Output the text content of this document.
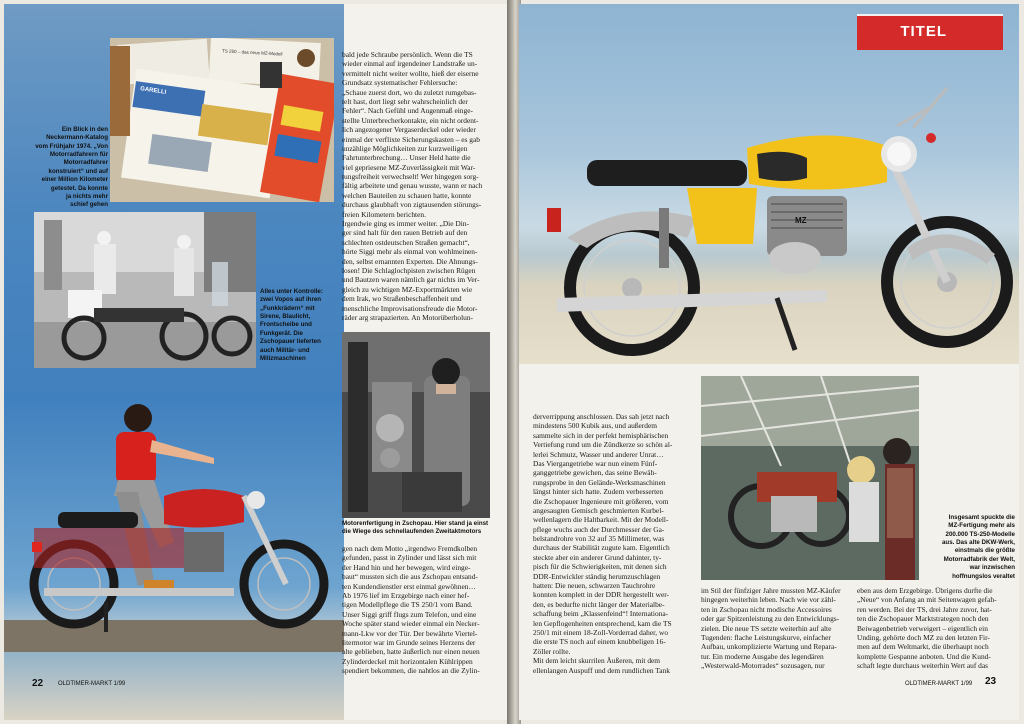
GARELLI
TS 250 – das neue MZ-Modell
Ein Blick in den
Neckermann-Katalog
vom Frühjahr 1974. „Von
Motorradfahrern für
Motorradfahrer
konstruiert“ und auf
einer Million Kilometer
getestet. Da konnte
ja nichts mehr
schief gehen
Alles unter Kontrolle:
zwei Vopos auf ihren
„Funkkrädern“ mit
Sirene, Blaulicht,
Frontscheibe und
Funkgerät. Die
Zschopauer lieferten
auch Militär- und
Milizmaschinen
bald jede Schraube persönlich. Wenn die TS
wieder einmal auf irgendeiner Landstraße un-
vermittelt nicht weiter wollte, hieß der eiserne
Grundsatz systematischer Fehlersuche:
„Schaue zuerst dort, wo du zuletzt rumgebas-
telt hast, dort liegt sehr wahrscheinlich der
Fehler“. Nach Gefühl und Augenmaß einge-
stellte Unterbrecherkontakte, ein nicht ordent-
lich angezogener Vergaserdeckel oder wieder
einmal der verflixte Sicherungskasten – es gab
unzählige Möglichkeiten zur kurzweiligen
Fahrtunterbrechung… Unser Held hatte die
viel gepriesene MZ-Zuverlässigkeit mit War-
tungsfreiheit verwechselt! Wer hingegen sorg-
fältig arbeitete und genau wusste, wann er nach
welchen Bauteilen zu schauen hatte, konnte
durchaus glaubhaft von zigtausenden störungs-
freien Kilometern berichten.
Irgendwie ging es immer weiter. „Die Din-
ger sind halt für den rauen Betrieb auf den
schlechten ostdeutschen Straßen gemacht“,
hörte Siggi mehr als einmal von wohlmeinen-
den, selbst ernannten Experten. Die Ahnungs-
losen! Die Schlaglochpisten zwischen Rügen
und Bautzen waren nämlich gar nichts im Ver-
gleich zu wichtigen MZ-Exportmärkten wie
dem Irak, wo Straßenbeschaffenheit und
menschliche Improvisationsfreude die Motor-
räder arg strapazierten. An Motorüberholun-
Motorenfertigung in Zschopau. Hier stand ja einst
die Wiege des schnellaufenden Zweitaktmotors
gen nach dem Motto „irgendwo Fremdkolben
gefunden, passt in Zylinder und lässt sich mit
der Hand hin und her bewegen, wird einge-
baut“ mussten sich die aus Zschopau entsand-
ten Kundendienstler erst einmal gewöhnen…
Ab 1976 lief im Erzgebirge nach einer hef-
tigen Modellpflege die TS 250/1 vom Band.
Unser Siggi griff flugs zum Telefon, und eine
Woche später stand wieder einmal ein Necker-
mann-Lkw vor der Tür. Der bewährte Viertel-
litermotor war im Grunde seines Herzens der
alte geblieben, hatte äußerlich nur einen neuen
Zylinderdeckel mit horizontalen Kühlrippen
spendiert bekommen, die nahtlos an die Zylin-
22 OLDTIMER-MARKT 1/99
TITEL
MZ
Insgesamt spuckte die
MZ-Fertigung mehr als
200.000 TS-250-Modelle
aus. Das alte DKW-Werk,
einstmals die größte
Motorradfabrik der Welt,
war inzwischen
hoffnungslos veraltet
derverrippung anschlossen. Das sah jetzt nach
mindestens 500 Kubik aus, und außerdem
sammelte sich in der perfekt hemisphärischen
Vertiefung rund um die Zündkerze so schön al-
lerlei Schmutz, Wasser und anderer Unrat…
Das Viergangetriebe war nun einem Fünf-
ganggetriebe gewichen, das seine Bewäh-
rungsprobe in den Gelände-Werksmaschinen
längst hinter sich hatte. Zudem verbesserten
die Zschopauer Ingenieure mit größeren, vom
angesaugten Gemisch geschmierten Kurbel-
wellenlagern die Haltbarkeit. Mit der Modell-
pflege wuchs auch der Durchmesser der Ga-
belstandrohre von 32 auf 35 Millimeter, was
durchaus der Stabilität zugute kam. Eigentlich
steckte aber ein anderer Grund dahinter, ty-
pisch für die Schwierigkeiten, mit denen sich
DDR-Entwickler ständig herumzuschlagen
hatten: Die neuen, schwarzen Tauchrohre
konnten komplett in der DDR hergestellt wer-
den, es bedurfte nicht länger der Materialbe-
schaffung beim „Klassenfeind“! Internationa-
len Gepflogenheiten entsprechend, kam die TS
250/1 mit einem 18-Zoll-Vorderrad daher, wo
die erste TS noch auf einem knubbeligen 16-
Zöller rollte.
Mit dem leicht skurrilen Äußeren, mit dem
ellenlangen Auspuff und dem rundlichen Tank
im Stil der fünfziger Jahre mussten MZ-Käufer
hingegen weiterhin leben. Nach wie vor zähl-
ten in Zschopau nicht modische Accessoires
oder gar Spitzenleistung zu den Entwicklungs-
zielen. Die neue TS setzte weiterhin auf alte
Tugenden: flache Leistungskurve, einfacher
Aufbau, unkomplizierte Wartung und Repara-
tur. Ein moderne Ausgabe des legendären
„Westerwald-Motorrades“ sozusagen, nur
eben aus dem Erzgebirge. Übrigens durfte die
„Neue“ von Anfang an mit Seitenwagen gefah-
ren werden. Bei der TS, drei Jahre zuvor, hat-
ten die Zschopauer Marktstrategen noch den
Beiwagenbetrieb verweigert – eigentlich ein
Unding, gehörte doch MZ zu den letzten Fir-
men auf dem Weltmarkt, die überhaupt noch
komplette Gespanne anboten. Und die Kund-
schaft legte durchaus weiterhin Wert auf das
OLDTIMER-MARKT 1/99 23
